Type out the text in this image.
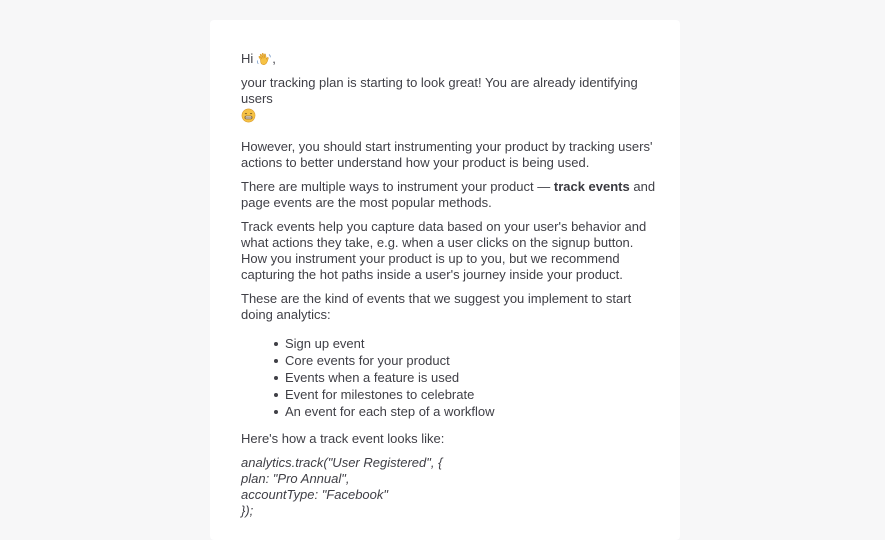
Hi ,

your tracking plan is starting to look great! You are already identifying users

However, you should start instrumenting your product by tracking users' actions to better understand how your product is being used.

There are multiple ways to instrument your product — track events and page events are the most popular methods.

Track events help you capture data based on your user's behavior and what actions they take, e.g. when a user clicks on the signup button. How you instrument your product is up to you, but we recommend capturing the hot paths inside a user's journey inside your product.

These are the kind of events that we suggest you implement to start doing analytics:

Sign up event
Core events for your product
Events when a feature is used
Event for milestones to celebrate
An event for each step of a workflow

Here's how a track event looks like:

analytics.track("User Registered", {
plan: "Pro Annual",
accountType: "Facebook"
});
